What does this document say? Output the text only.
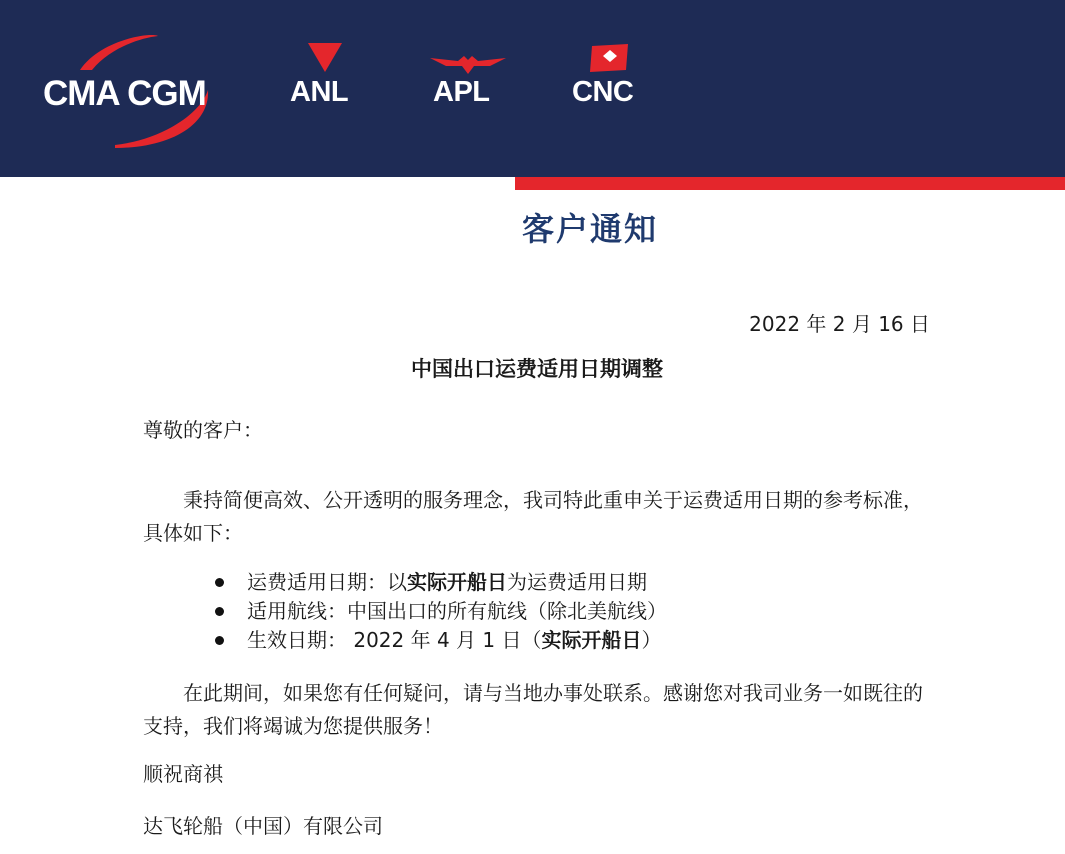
CMA CGM	ANL	APL	CNC
客户通知
2022 年 2 月 16 日
中国出口运费适用日期调整
尊敬的客户：
秉持简便高效、公开透明的服务理念，我司特此重申关于运费适用日期的参考标准，具体如下：
运费适用日期：以实际开船日为运费适用日期
适用航线：中国出口的所有航线（除北美航线）
生效日期： 2022 年 4 月 1 日（实际开船日）
在此期间，如果您有任何疑问，请与当地办事处联系。感谢您对我司业务一如既往的支持，我们将竭诚为您提供服务！
顺祝商祺
达飞轮船（中国）有限公司
